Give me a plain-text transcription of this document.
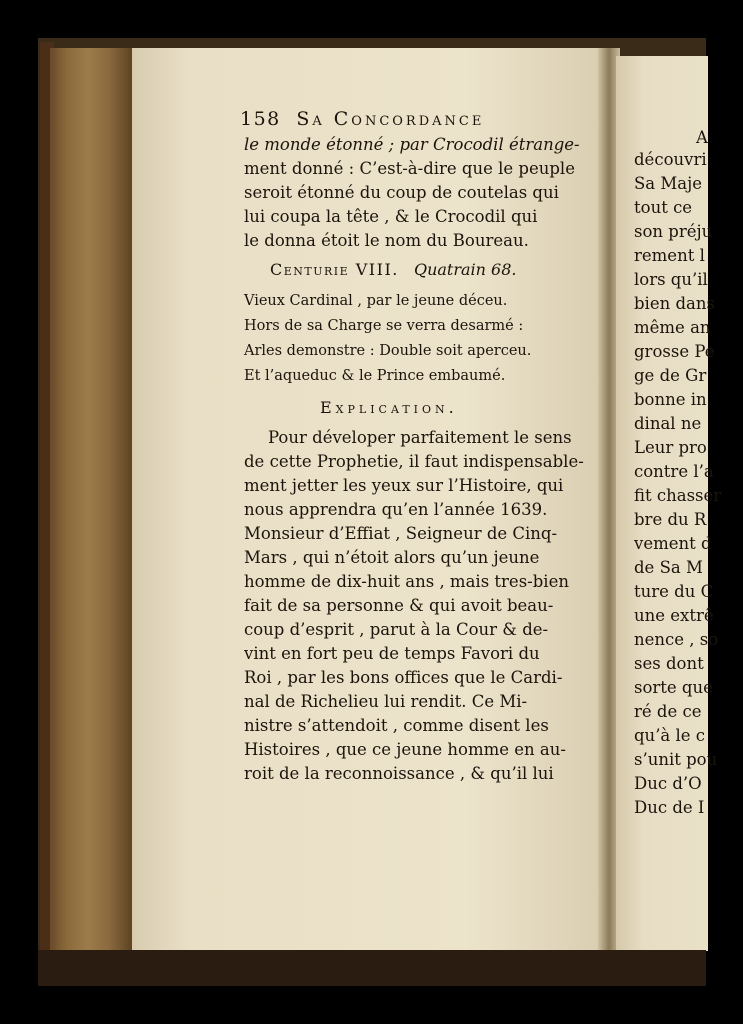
158 Sa Concordance
le monde étonné ; par Crocodil étrange-
ment donné : C’est-à-dire que le peuple
seroit étonné du coup de coutelas qui
lui coupa la tête , & le Crocodil qui
le donna étoit le nom du Boureau.
Centurie VIII. Quatrain 68.
Vieux Cardinal , par le jeune déceu.
Hors de sa Charge se verra desarmé :
Arles demonstre : Double soit aperceu.
Et l’aqueduc & le Prince embaumé.
Explication.
Pour déveloper parfaitement le sens
de cette Prophetie, il faut indispensable-
ment jetter les yeux sur l’Histoire, qui
nous apprendra qu’en l’année 1639.
Monsieur d’Effiat , Seigneur de Cinq-
Mars , qui n’étoit alors qu’un jeune
homme de dix-huit ans , mais tres-bien
fait de sa personne & qui avoit beau-
coup d’esprit , parut à la Cour & de-
vint en fort peu de temps Favori du
Roi , par les bons offices que le Cardi-
nal de Richelieu lui rendit. Ce Mi-
nistre s’attendoit , comme disent les
Histoires , que ce jeune homme en au-
roit de la reconnoissance , & qu’il lui
A
découvri
Sa Maje
tout ce
son préju
rement l
lors qu’il
bien dans
même an
grosse Pe
ge de Gr
bonne in
dinal ne
Leur pro
contre l’a
fit chasser
bre du R
vement d
de Sa M
ture du C
une extrê
nence , so
ses dont
sorte que
ré de ce
qu’à le c
s’unit pou
Duc d’O
Duc de I
